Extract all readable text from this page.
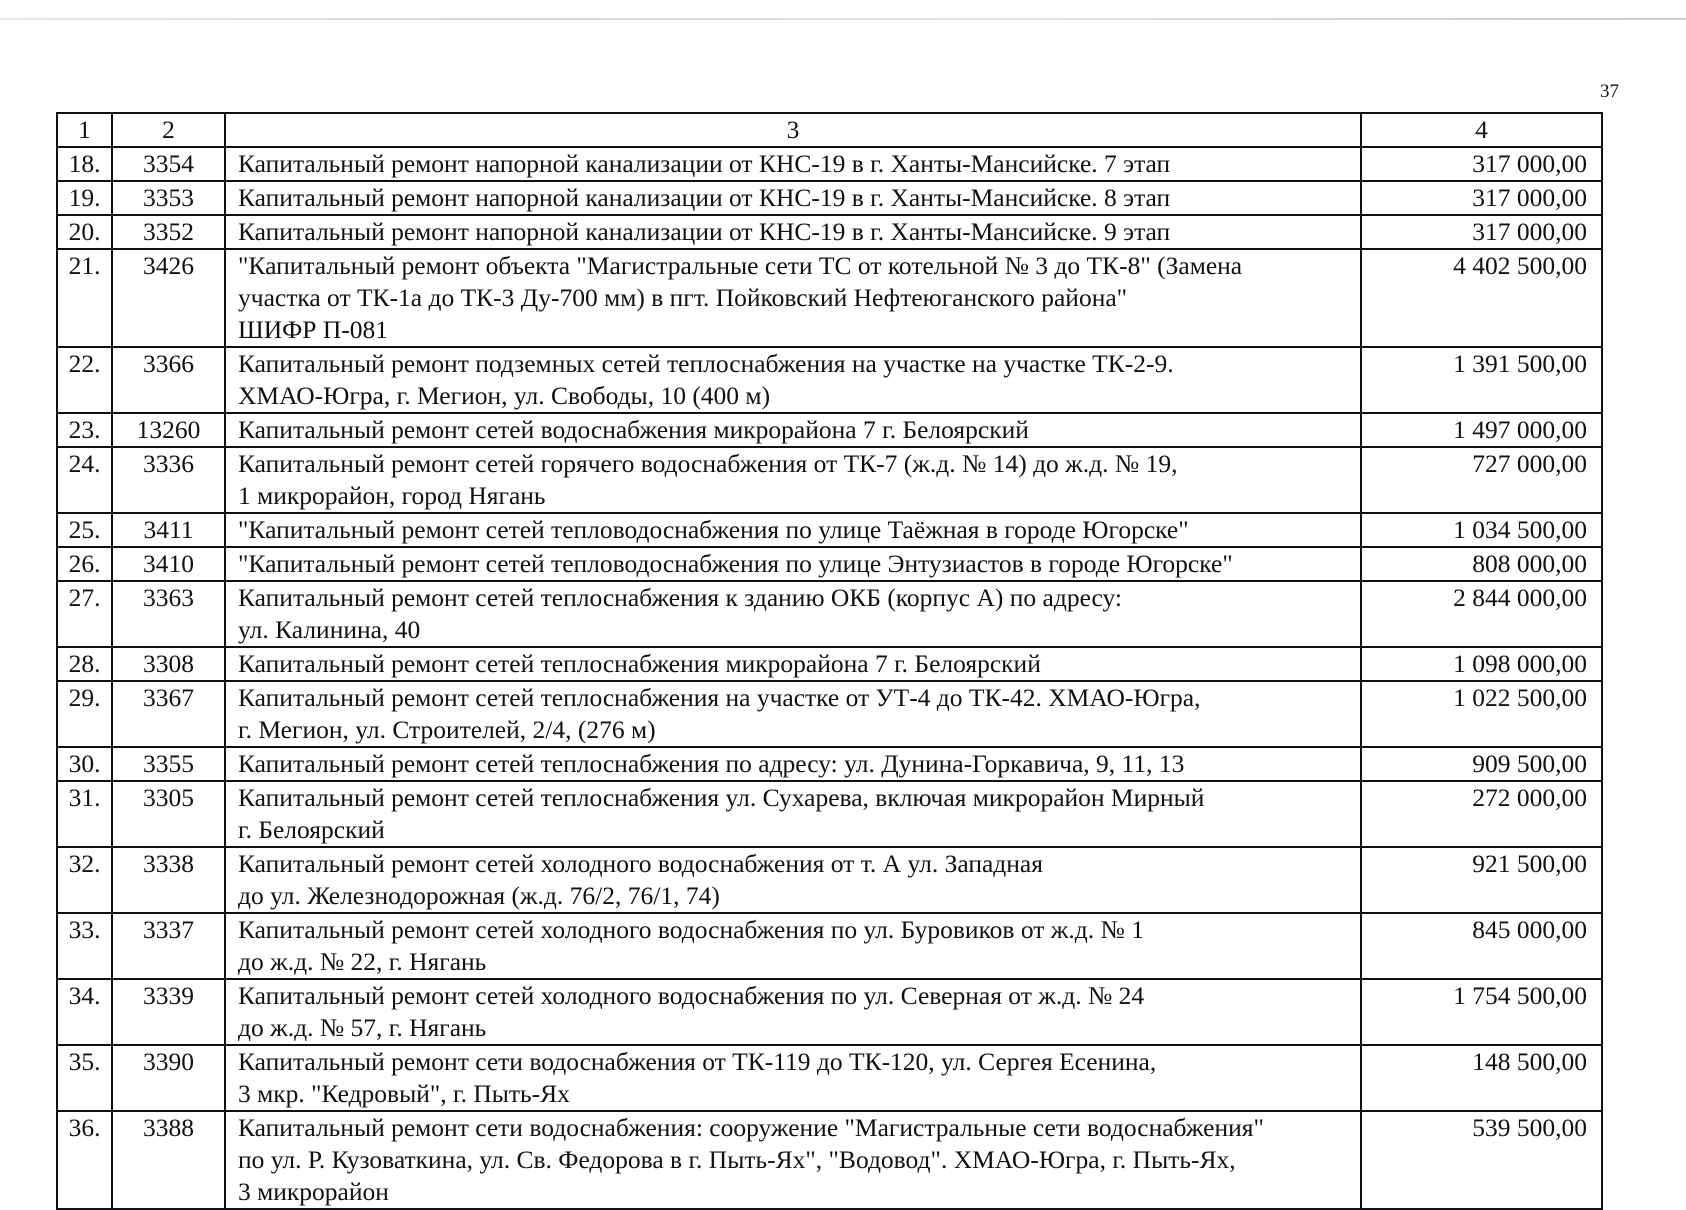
37
1	2	3	4
18.	3354	Капитальный ремонт напорной канализации от КНС-19 в г. Ханты-Мансийске. 7 этап	317 000,00
19.	3353	Капитальный ремонт напорной канализации от КНС-19 в г. Ханты-Мансийске. 8 этап	317 000,00
20.	3352	Капитальный ремонт напорной канализации от КНС-19 в г. Ханты-Мансийске. 9 этап	317 000,00
21.	3426	"Капитальный ремонт объекта "Магистральные сети ТС от котельной № 3 до ТК-8" (Замена
участка от ТК-1а до ТК-3 Ду-700 мм) в пгт. Пойковский Нефтеюганского района"
ШИФР П-081	4 402 500,00
22.	3366	Капитальный ремонт подземных сетей теплоснабжения на участке на участке ТК-2-9.
ХМАО-Югра, г. Мегион, ул. Свободы, 10 (400 м)	1 391 500,00
23.	13260	Капитальный ремонт сетей водоснабжения микрорайона 7 г. Белоярский	1 497 000,00
24.	3336	Капитальный ремонт сетей горячего водоснабжения от ТК-7 (ж.д. № 14) до ж.д. № 19,
1 микрорайон, город Нягань	727 000,00
25.	3411	"Капитальный ремонт сетей тепловодоснабжения по улице Таёжная в городе Югорске"	1 034 500,00
26.	3410	"Капитальный ремонт сетей тепловодоснабжения по улице Энтузиастов в городе Югорске"	808 000,00
27.	3363	Капитальный ремонт сетей теплоснабжения к зданию ОКБ (корпус А) по адресу:
ул. Калинина, 40	2 844 000,00
28.	3308	Капитальный ремонт сетей теплоснабжения микрорайона 7 г. Белоярский	1 098 000,00
29.	3367	Капитальный ремонт сетей теплоснабжения на участке от УТ-4 до ТК-42. ХМАО-Югра,
г. Мегион, ул. Строителей, 2/4, (276 м)	1 022 500,00
30.	3355	Капитальный ремонт сетей теплоснабжения по адресу: ул. Дунина-Горкавича, 9, 11, 13	909 500,00
31.	3305	Капитальный ремонт сетей теплоснабжения ул. Сухарева, включая микрорайон Мирный
г. Белоярский	272 000,00
32.	3338	Капитальный ремонт сетей холодного водоснабжения от т. А ул. Западная
до ул. Железнодорожная (ж.д. 76/2, 76/1, 74)	921 500,00
33.	3337	Капитальный ремонт сетей холодного водоснабжения по ул. Буровиков от ж.д. № 1
до ж.д. № 22, г. Нягань	845 000,00
34.	3339	Капитальный ремонт сетей холодного водоснабжения по ул. Северная от ж.д. № 24
до ж.д. № 57, г. Нягань	1 754 500,00
35.	3390	Капитальный ремонт сети водоснабжения от ТК-119 до ТК-120, ул. Сергея Есенина,
3 мкр. "Кедровый", г. Пыть-Ях	148 500,00
36.	3388	Капитальный ремонт сети водоснабжения: сооружение "Магистральные сети водоснабжения"
по ул. Р. Кузоваткина, ул. Св. Федорова в г. Пыть-Ях", "Водовод". ХМАО-Югра, г. Пыть-Ях,
3 микрорайон	539 500,00
